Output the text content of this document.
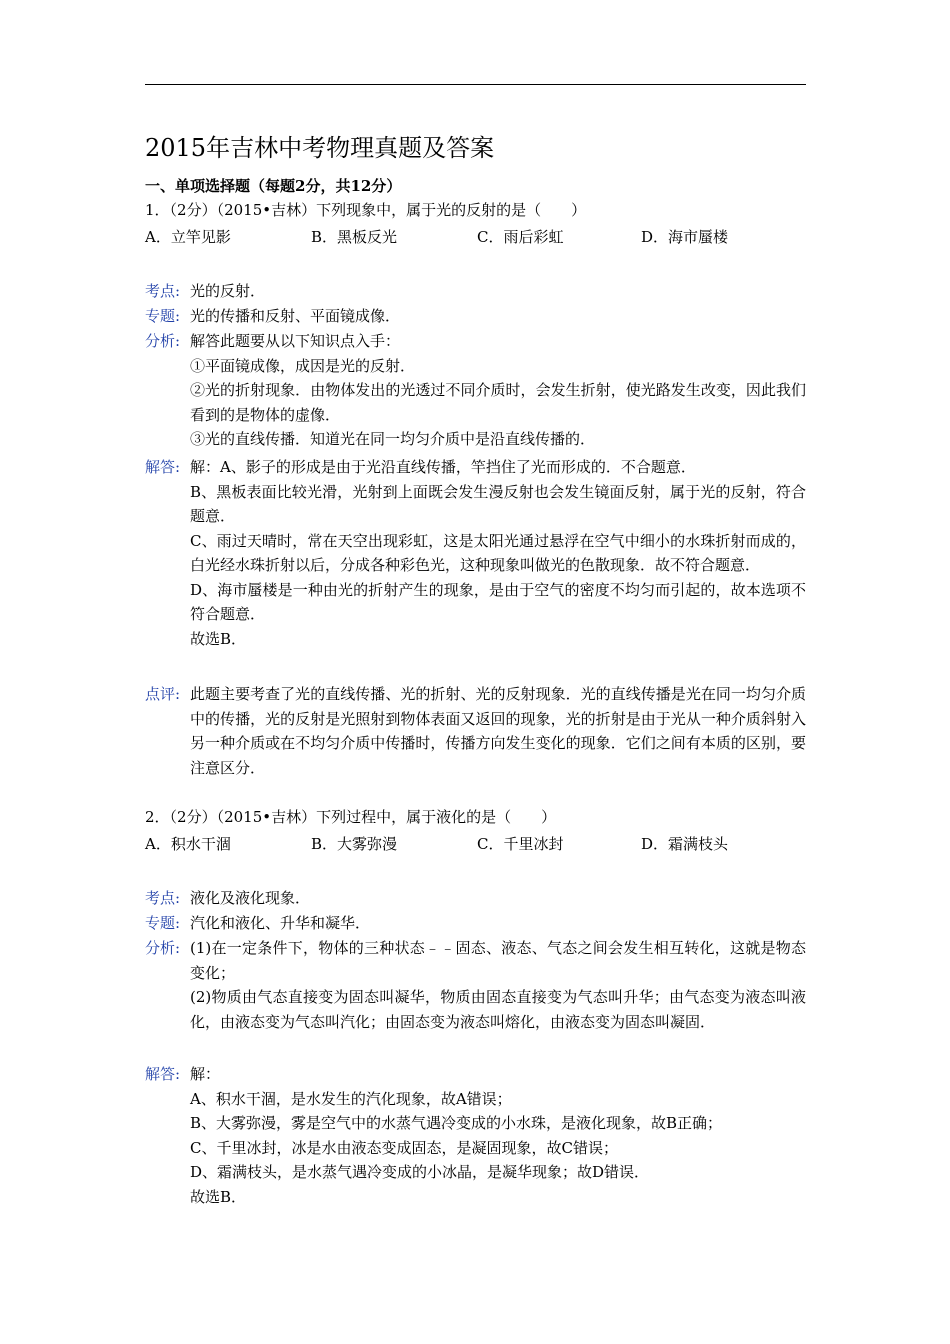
2015年吉林中考物理真题及答案
一、单项选择题（每题2分，共12分）
1．（2分）（2015•吉林）下列现象中，属于光的反射的是（　　）
A．立竿见影	B．黑板反光	C．雨后彩虹	D．海市蜃楼
考点: 光的反射．
专题: 光的传播和反射、平面镜成像．
分析: 解答此题要从以下知识点入手：
①平面镜成像，成因是光的反射．
②光的折射现象．由物体发出的光透过不同介质时，会发生折射，使光路发生改变，因此我们看到的是物体的虚像．
③光的直线传播．知道光在同一均匀介质中是沿直线传播的．
解答: 解：A、影子的形成是由于光沿直线传播，竿挡住了光而形成的．不合题意．
B、黑板表面比较光滑，光射到上面既会发生漫反射也会发生镜面反射，属于光的反射，符合题意．
C、雨过天晴时，常在天空出现彩虹，这是太阳光通过悬浮在空气中细小的水珠折射而成的，白光经水珠折射以后，分成各种彩色光，这种现象叫做光的色散现象．故不符合题意．
D、海市蜃楼是一种由光的折射产生的现象，是由于空气的密度不均匀而引起的，故本选项不符合题意．
故选B．
点评: 此题主要考查了光的直线传播、光的折射、光的反射现象．光的直线传播是光在同一均匀介质中的传播，光的反射是光照射到物体表面又返回的现象，光的折射是由于光从一种介质斜射入另一种介质或在不均匀介质中传播时，传播方向发生变化的现象．它们之间有本质的区别，要注意区分．
2．（2分）（2015•吉林）下列过程中，属于液化的是（　　）
A．积水干涸	B．大雾弥漫	C．千里冰封	D．霜满枝头
考点: 液化及液化现象．
专题: 汽化和液化、升华和凝华．
分析: (1)在一定条件下，物体的三种状态﹣﹣固态、液态、气态之间会发生相互转化，这就是物态变化；
(2)物质由气态直接变为固态叫凝华，物质由固态直接变为气态叫升华；由气态变为液态叫液化，由液态变为气态叫汽化；由固态变为液态叫熔化，由液态变为固态叫凝固．
解答: 解：
A、积水干涸，是水发生的汽化现象，故A错误；
B、大雾弥漫，雾是空气中的水蒸气遇冷变成的小水珠，是液化现象，故B正确；
C、千里冰封，冰是水由液态变成固态，是凝固现象，故C错误；
D、霜满枝头，是水蒸气遇冷变成的小冰晶，是凝华现象；故D错误．
故选B．
